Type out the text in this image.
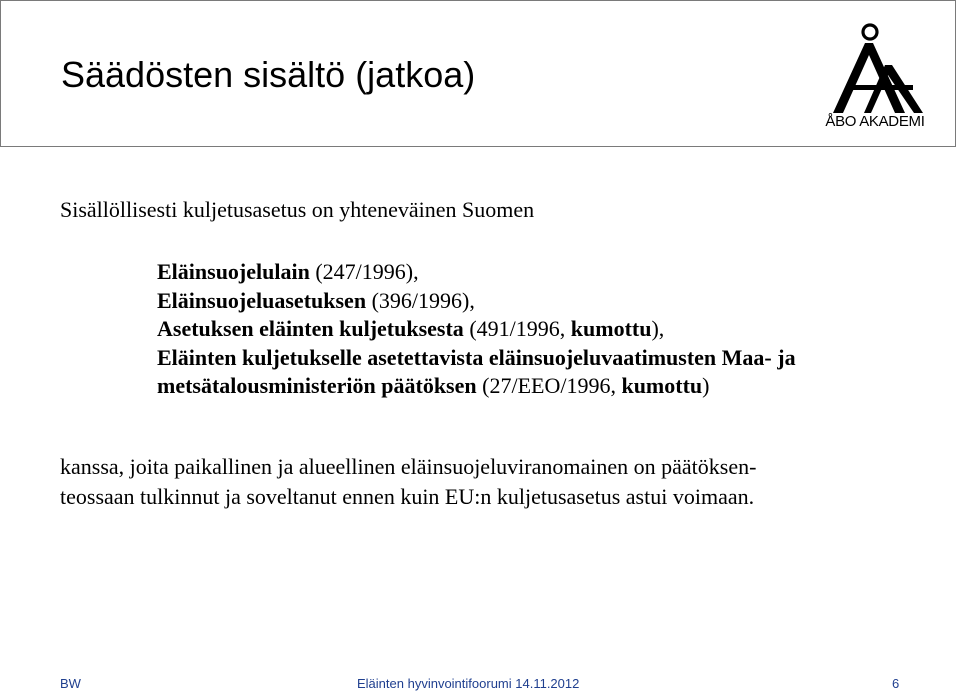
Säädösten sisältö (jatkoa)
ÅBO AKADEMI
Sisällöllisesti kuljetusasetus on yhteneväinen Suomen
Eläinsuojelulain (247/1996),
Eläinsuojeluasetuksen (396/1996),
Asetuksen eläinten kuljetuksesta (491/1996, kumottu),
Eläinten kuljetukselle asetettavista eläinsuojeluvaatimusten Maa- ja
metsätalousministeriön päätöksen (27/EEO/1996, kumottu)
kanssa, joita paikallinen ja alueellinen eläinsuojeluviranomainen on päätöksen-
teossaan tulkinnut ja soveltanut ennen kuin EU:n kuljetusasetus astui voimaan.
BW	Eläinten hyvinvointifoorumi 14.11.2012	6
